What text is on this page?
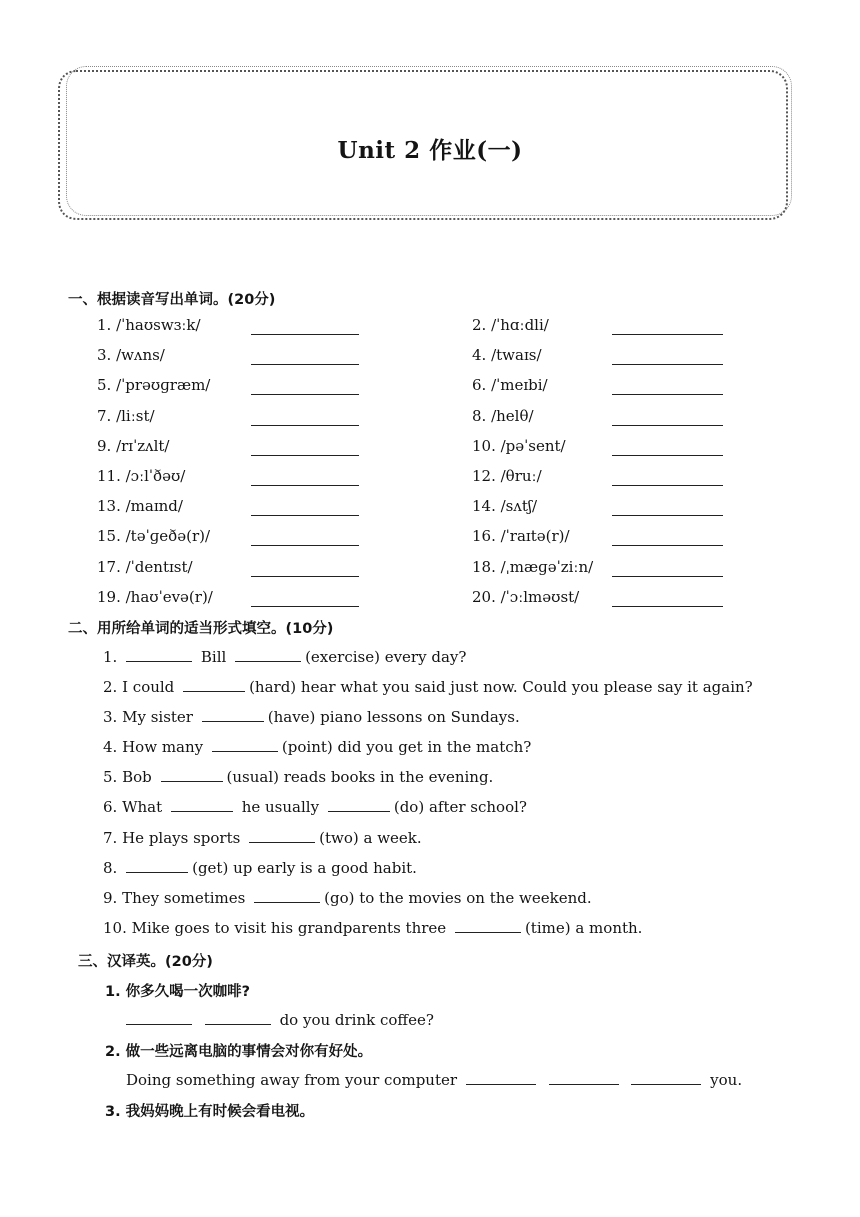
Unit 2 作业(一)
一、根据读音写出单词。(20分)
1. /ˈhaʊswɜːk/	2. /ˈhɑːdli/
3. /wʌns/	4. /twaɪs/
5. /ˈprəʊɡræm/	6. /ˈmeɪbi/
7. /liːst/	8. /helθ/
9. /rɪˈzʌlt/	10. /pəˈsent/
11. /ɔːlˈðəʊ/	12. /θruː/
13. /maɪnd/	14. /sʌtʃ/
15. /təˈɡeðə(r)/	16. /ˈraɪtə(r)/
17. /ˈdentɪst/	18. /ˌmæɡəˈziːn/
19. /haʊˈevə(r)/	20. /ˈɔːlməʊst/
二、用所给单词的适当形式填空。(10分)
1.	Bill	(exercise) every day?
2. I could	(hard) hear what you said just now. Could you please say it again?
3. My sister	(have) piano lessons on Sundays.
4. How many	(point) did you get in the match?
5. Bob	(usual) reads books in the evening.
6. What	he usually	(do) after school?
7. He plays sports	(two) a week.
8.	(get) up early is a good habit.
9. They sometimes	(go) to the movies on the weekend.
10. Mike goes to visit his grandparents three	(time) a month.
三、汉译英。(20分)
1. 你多久喝一次咖啡?
do you drink coffee?
2. 做一些远离电脑的事情会对你有好处。
Doing something away from your computer	you.
3. 我妈妈晚上有时候会看电视。
